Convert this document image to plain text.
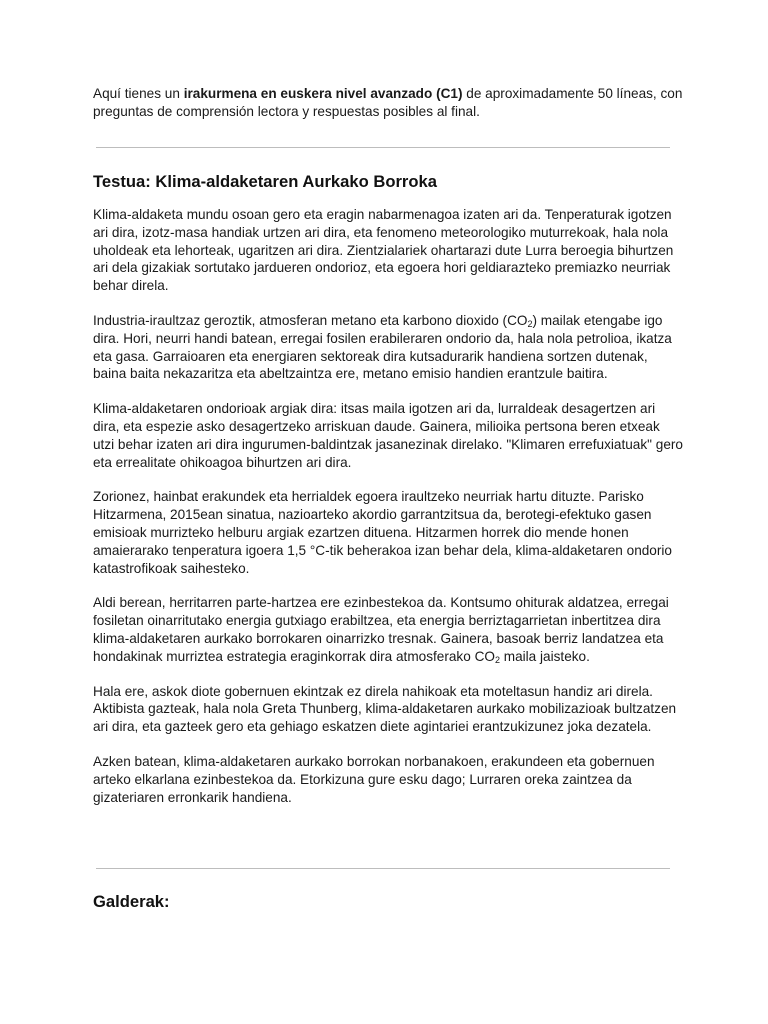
Aquí tienes un irakurmena en euskera nivel avanzado (C1) de aproximadamente 50 líneas, con preguntas de comprensión lectora y respuestas posibles al final.

Testua: Klima-aldaketaren Aurkako Borroka

Klima-aldaketa mundu osoan gero eta eragin nabarmenagoa izaten ari da. Tenperaturak igotzen ari dira, izotz-masa handiak urtzen ari dira, eta fenomeno meteorologiko muturrekoak, hala nola uholdeak eta lehorteak, ugaritzen ari dira. Zientzialariek ohartarazi dute Lurra beroegia bihurtzen ari dela gizakiak sortutako jardueren ondorioz, eta egoera hori geldiarazteko premiazko neurriak behar direla.

Industria-iraultzaz geroztik, atmosferan metano eta karbono dioxido $(CO_2)$ mailak etengabe igo dira. Hori, neurri handi batean, erregai fosilen erabileraren ondorio da, hala nola petrolioa, ikatza eta gasa. Garraioaren eta energiaren sektoreak dira kutsadurarik handiena sortzen dutenak, baina baita nekazaritza eta abeltzaintza ere, metano emisio handien erantzule baitira.

Klima-aldaketaren ondorioak argiak dira: itsas maila igotzen ari da, lurraldeak desagertzen ari dira, eta espezie asko desagertzeko arriskuan daude. Gainera, milioika pertsona beren etxeak utzi behar izaten ari dira ingurumen-baldintzak jasanezinak direlako. "Klimaren errefuxiatuak" gero eta errealitate ohikoagoa bihurtzen ari dira.

Zorionez, hainbat erakundek eta herrialdek egoera iraultzeko neurriak hartu dituzte. Parisko Hitzarmena, 2015ean sinatua, nazioarteko akordio garrantzitsua da, berotegi-efektuko gasen emisioak murrizteko helburu argiak ezartzen dituena. Hitzarmen horrek dio mende honen amaierarako tenperatura igoera 1,5 °C-tik beherakoa izan behar dela, klima-aldaketaren ondorio katastrofikoak saihesteko.

Aldi berean, herritarren parte-hartzea ere ezinbestekoa da. Kontsumo ohiturak aldatzea, erregai fosiletan oinarritutako energia gutxiago erabiltzea, eta energia berriztagarrietan inbertitzea dira klima-aldaketaren aurkako borrokaren oinarrizko tresnak. Gainera, basoak berriz landatzea eta hondakinak murriztea estrategia eraginkorrak dira atmosferako $CO_2$ maila jaisteko.

Hala ere, askok diote gobernuen ekintzak ez direla nahikoak eta moteltasun handiz ari direla. Aktibista gazteak, hala nola Greta Thunberg, klima-aldaketaren aurkako mobilizazioak bultzatzen ari dira, eta gazteek gero eta gehiago eskatzen diete agintariei erantzukizunez joka dezatela.

Azken batean, klima-aldaketaren aurkako borrokan norbanakoen, erakundeen eta gobernuen arteko elkarlana ezinbestekoa da. Etorkizuna gure esku dago; Lurraren oreka zaintzea da gizateriaren erronkarik handiena.

Galderak:
